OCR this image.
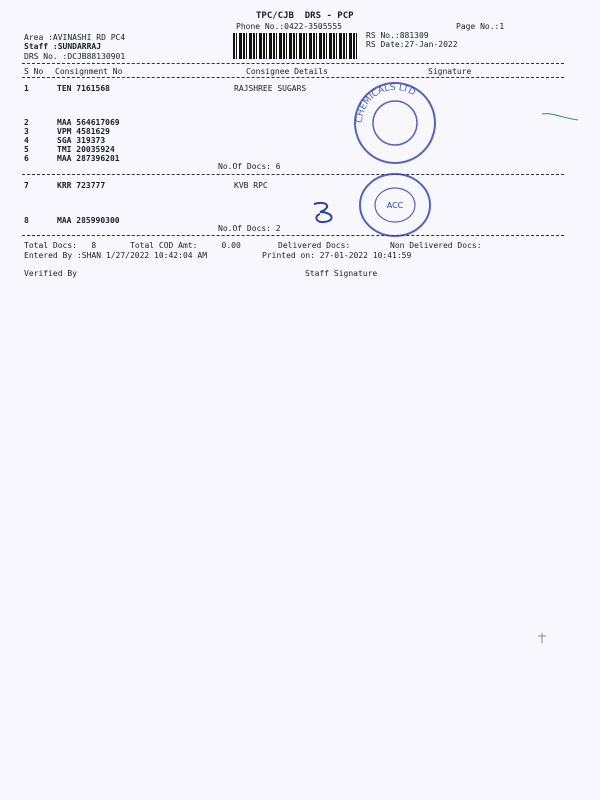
TPC/CJB  DRS - PCP
Phone No.:0422-3505555	Page No.:1
Area :AVINASHI RD PC4	RS No.:881309
Staff :SUNDARRAJ	RS Date:27-Jan-2022
DRS No. :DCJB88130901
S No Consignment No	Consignee Details	Signature
1	TEN 7161568	RAJSHREE SUGARS
2	MAA 564617069
3	VPM 4581629
4	SGA 319373
5	TMI 20035924
6	MAA 287396201
No.Of Docs: 6
7	KRR 723777	KVB RPC
8	MAA 285990300
No.Of Docs: 2
Total Docs:   8	Total COD Amt:     0.00	Delivered Docs:	Non Delivered Docs:
Entered By :SHAN 1/27/2022 10:42:04 AM	Printed on: 27-01-2022 10:41:59
Verified By	Staff Signature
CHEMICALS LTD
ACC
